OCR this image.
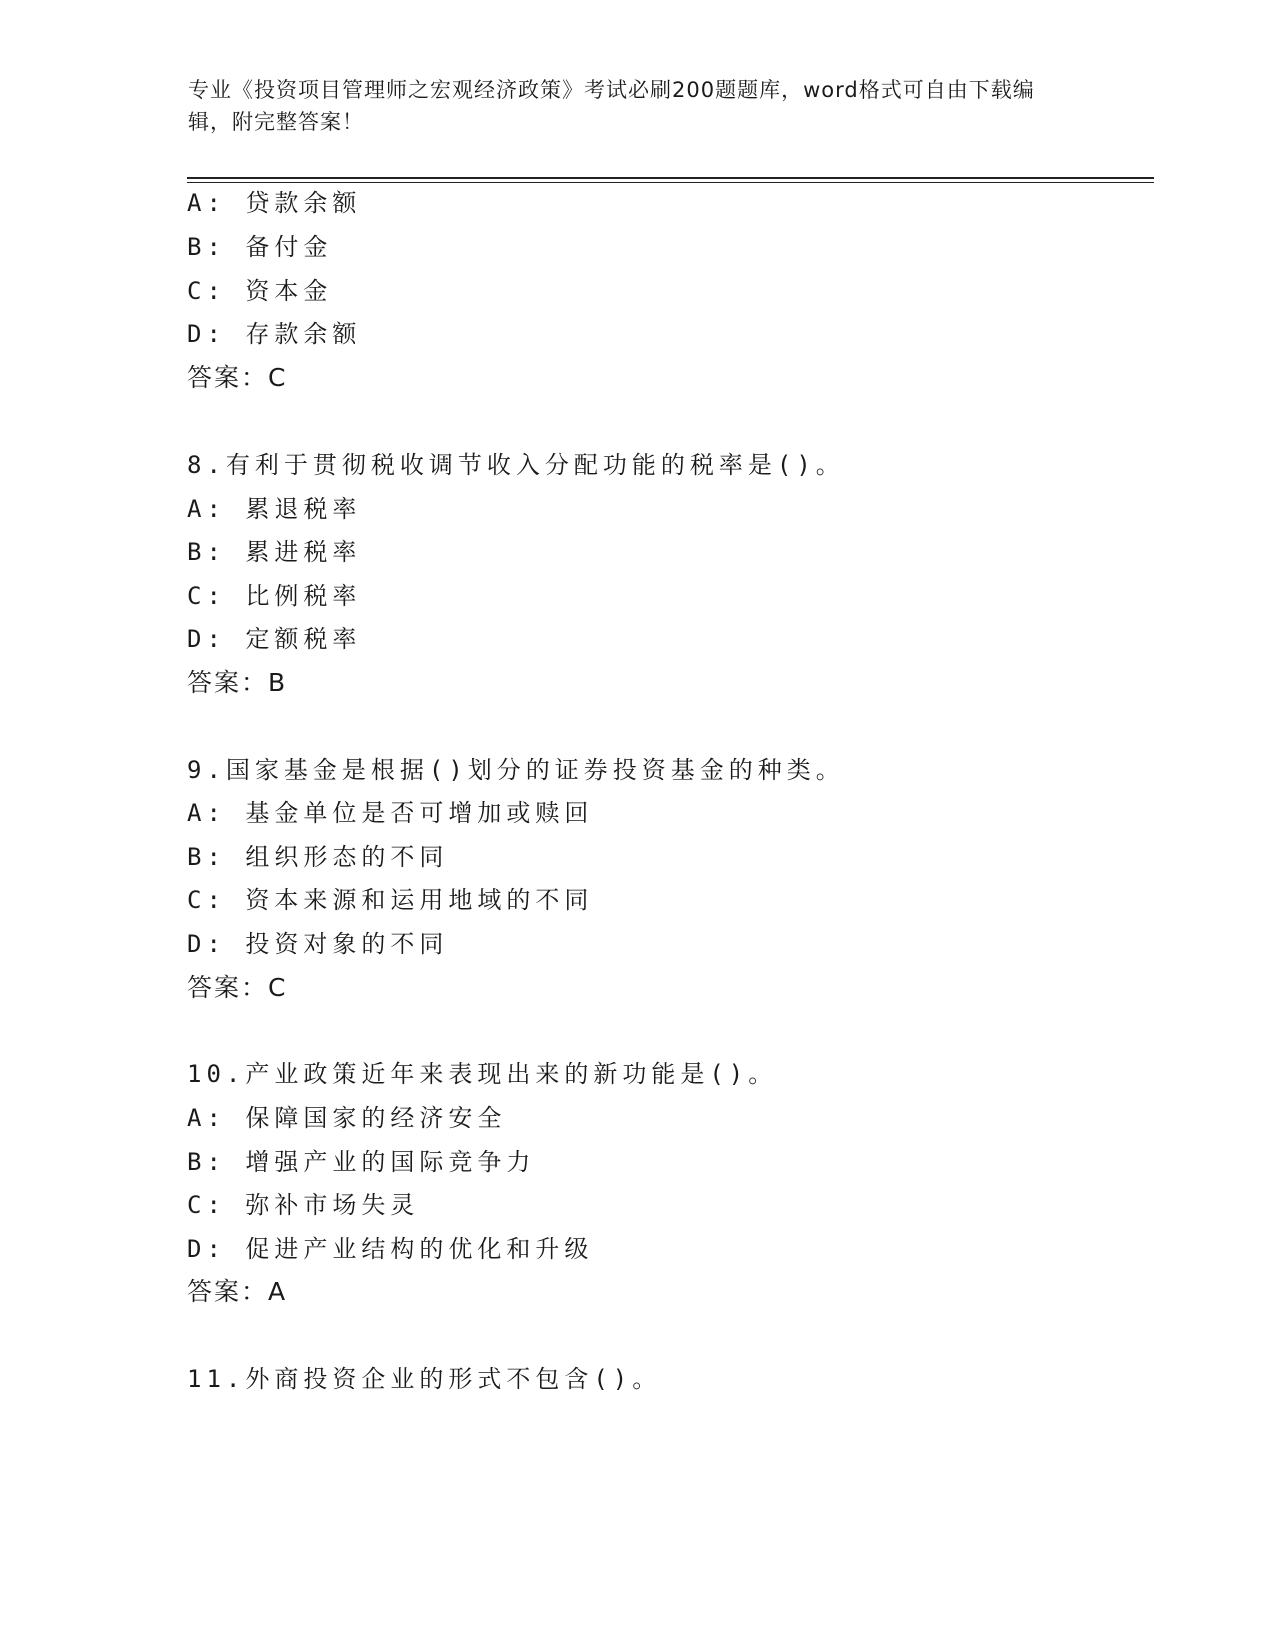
专业《投资项目管理师之宏观经济政策》考试必刷200题题库，word格式可自由下载编辑，附完整答案！
A: 贷款余额
B: 备付金
C: 资本金
D: 存款余额
答案：C
8.有利于贯彻税收调节收入分配功能的税率是()。
A: 累退税率
B: 累进税率
C: 比例税率
D: 定额税率
答案：B
9.国家基金是根据()划分的证券投资基金的种类。
A: 基金单位是否可增加或赎回
B: 组织形态的不同
C: 资本来源和运用地域的不同
D: 投资对象的不同
答案：C
10.产业政策近年来表现出来的新功能是()。
A: 保障国家的经济安全
B: 增强产业的国际竞争力
C: 弥补市场失灵
D: 促进产业结构的优化和升级
答案：A
11.外商投资企业的形式不包含()。
